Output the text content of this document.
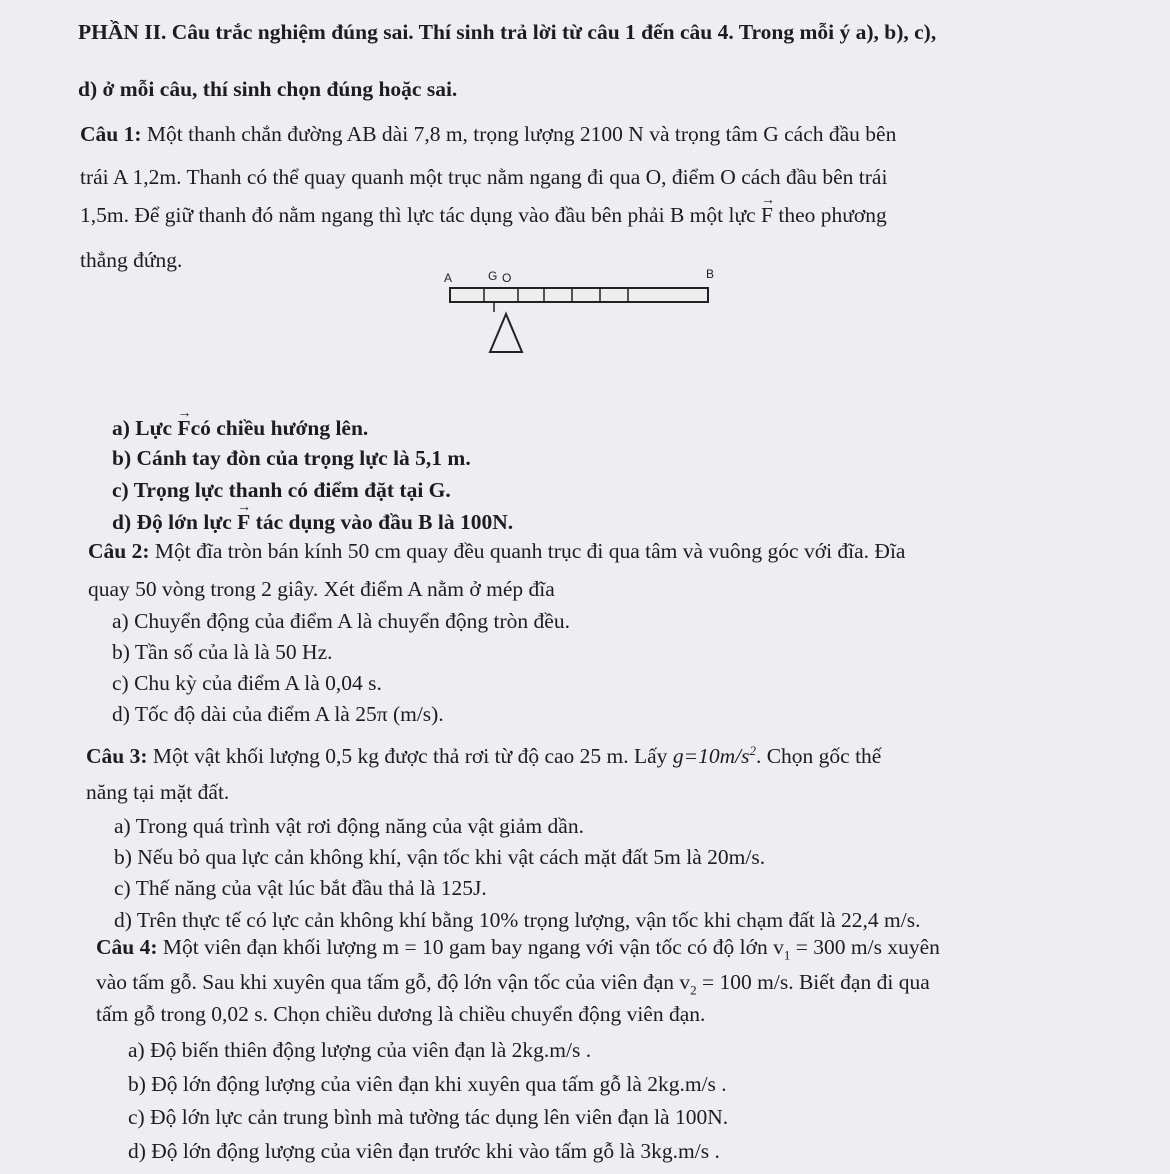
PHẦN II. Câu trắc nghiệm đúng sai. Thí sinh trả lời từ câu 1 đến câu 4. Trong mỗi ý a), b), c),
d) ở mỗi câu, thí sinh chọn đúng hoặc sai.
Câu 1: Một thanh chắn đường AB dài 7,8 m, trọng lượng 2100 N và trọng tâm G cách đầu bên
trái A 1,2m. Thanh có thể quay quanh một trục nằm ngang đi qua O, điểm O cách đầu bên trái
1,5m. Để giữ thanh đó nằm ngang thì lực tác dụng vào đầu bên phải B một lực → F theo phương
thẳng đứng.
A	G O	B
a) Lực → Fcó chiều hướng lên.
b) Cánh tay đòn của trọng lực là 5,1 m.
c) Trọng lực thanh có điểm đặt tại G.
d) Độ lớn lực → F tác dụng vào đầu B là 100N.
Câu 2: Một đĩa tròn bán kính 50 cm quay đều quanh trục đi qua tâm và vuông góc với đĩa. Đĩa
quay 50 vòng trong 2 giây. Xét điểm A nằm ở mép đĩa
a) Chuyển động của điểm A là chuyển động tròn đều.
b) Tần số của là là 50 Hz.
c) Chu kỳ của điểm A là 0,04 s.
d) Tốc độ dài của điểm A là 25π (m/s).
Câu 3: Một vật khối lượng 0,5 kg được thả rơi từ độ cao 25 m. Lấy $g=10m/s^2$. Chọn gốc thế
năng tại mặt đất.
a) Trong quá trình vật rơi động năng của vật giảm dần.
b) Nếu bỏ qua lực cản không khí, vận tốc khi vật cách mặt đất 5m là 20m/s.
c) Thế năng của vật lúc bắt đầu thả là 125J.
d) Trên thực tế có lực cản không khí bằng 10% trọng lượng, vận tốc khi chạm đất là 22,4 m/s.
Câu 4: Một viên đạn khối lượng m = 10 gam bay ngang với vận tốc có độ lớn $v_1 = 300$ m/s xuyên
vào tấm gỗ. Sau khi xuyên qua tấm gỗ, độ lớn vận tốc của viên đạn $v_2 = 100$ m/s. Biết đạn đi qua
tấm gỗ trong 0,02 s. Chọn chiều dương là chiều chuyển động viên đạn.
a) Độ biến thiên động lượng của viên đạn là 2kg.m/s .
b) Độ lớn động lượng của viên đạn khi xuyên qua tấm gỗ là 2kg.m/s .
c) Độ lớn lực cản trung bình mà tường tác dụng lên viên đạn là 100N.
d) Độ lớn động lượng của viên đạn trước khi vào tấm gỗ là 3kg.m/s .
